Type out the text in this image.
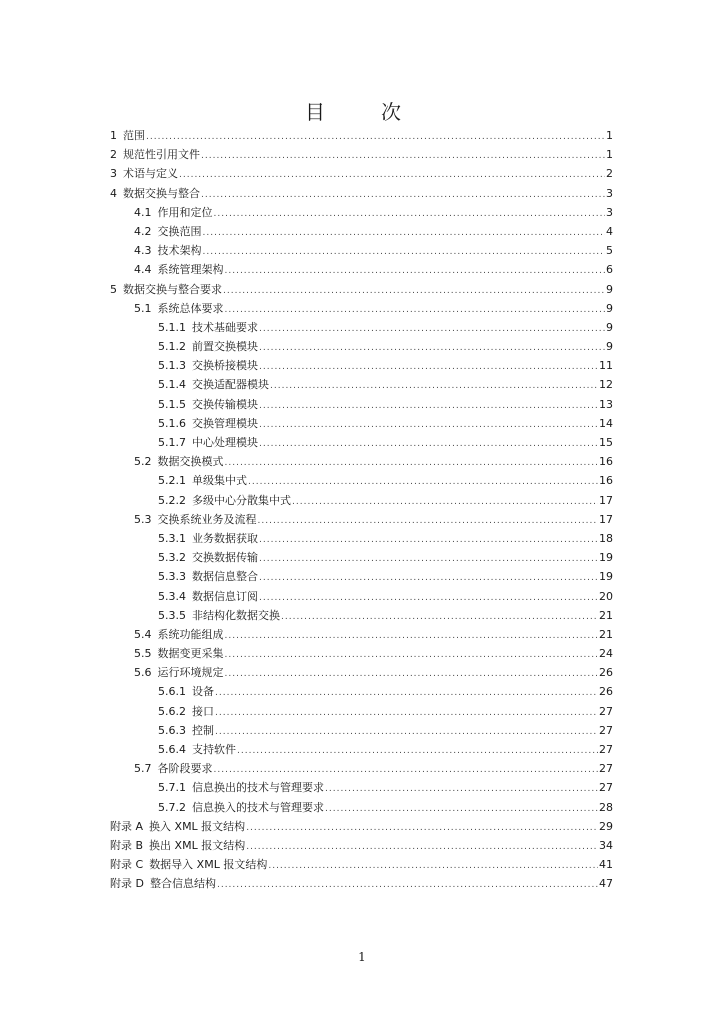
目　次
1 范围 .....	1
2 规范性引用文件 .....	1
3 术语与定义 .....	2
4 数据交换与整合 .....	3
4.1 作用和定位 .....	3
4.2 交换范围 .....	4
4.3 技术架构 .....	5
4.4 系统管理架构 .....	6
5 数据交换与整合要求 .....	9
5.1 系统总体要求 .....	9
5.1.1 技术基础要求 .....	9
5.1.2 前置交换模块 .....	9
5.1.3 交换桥接模块 .....	11
5.1.4 交换适配器模块 .....	12
5.1.5 交换传输模块 .....	13
5.1.6 交换管理模块 .....	14
5.1.7 中心处理模块 .....	15
5.2 数据交换模式 .....	16
5.2.1 单级集中式 .....	16
5.2.2 多级中心分散集中式 .....	17
5.3 交换系统业务及流程 .....	17
5.3.1 业务数据获取 .....	18
5.3.2 交换数据传输 .....	19
5.3.3 数据信息整合 .....	19
5.3.4 数据信息订阅 .....	20
5.3.5 非结构化数据交换 .....	21
5.4 系统功能组成 .....	21
5.5 数据变更采集 .....	24
5.6 运行环境规定 .....	26
5.6.1 设备 .....	26
5.6.2 接口 .....	27
5.6.3 控制 .....	27
5.6.4 支持软件 .....	27
5.7 各阶段要求 .....	27
5.7.1 信息换出的技术与管理要求 .....	27
5.7.2 信息换入的技术与管理要求 .....	28
附录 A 换入 XML 报文结构 .....	29
附录 B 换出 XML 报文结构 .....	34
附录 C 数据导入 XML 报文结构 .....	41
附录 D 整合信息结构 .....	47
1
